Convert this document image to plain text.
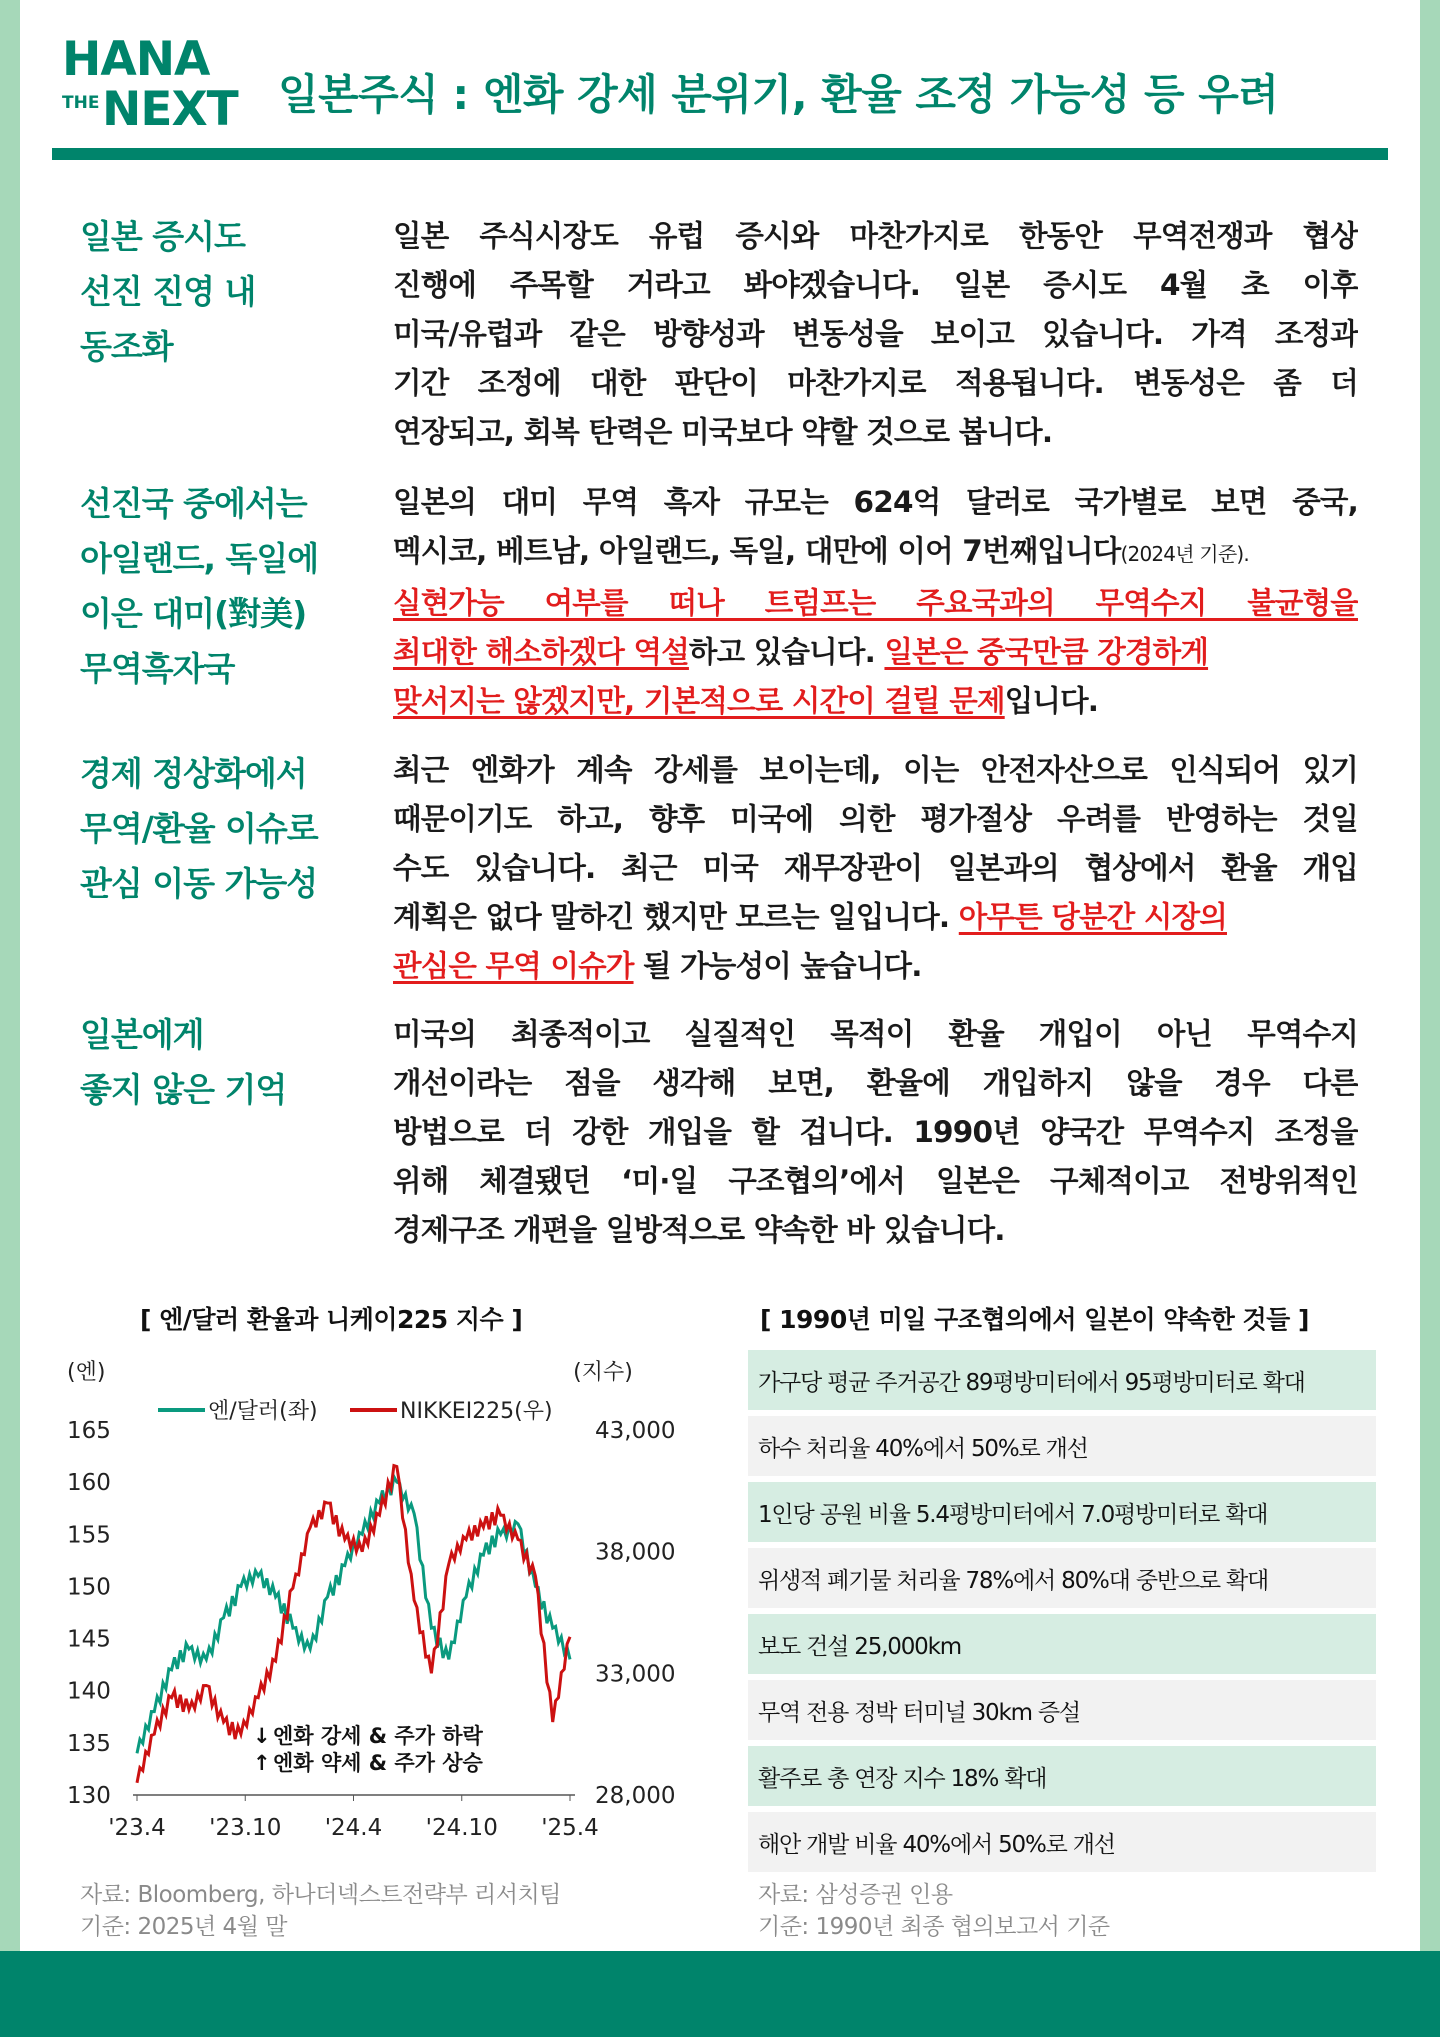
HANA
THE NEXT 일본주식 : 엔화 강세 분위기, 환율 조정 가능성 등 우려
일본 증시도
선진 진영 내
동조화
일본 주식시장도 유럽 증시와 마찬가지로 한동안 무역전쟁과 협상
진행에 주목할 거라고 봐야겠습니다. 일본 증시도 4월 초 이후
미국/유럽과 같은 방향성과 변동성을 보이고 있습니다. 가격 조정과
기간 조정에 대한 판단이 마찬가지로 적용됩니다. 변동성은 좀 더
연장되고, 회복 탄력은 미국보다 약할 것으로 봅니다.
선진국 중에서는
아일랜드, 독일에
이은 대미(對美)
무역흑자국
일본의 대미 무역 흑자 규모는 624억 달러로 국가별로 보면 중국,
멕시코, 베트남, 아일랜드, 독일, 대만에 이어 7번째입니다(2024년 기준).
실현가능 여부를 떠나 트럼프는 주요국과의 무역수지 불균형을
최대한 해소하겠다 역설하고 있습니다. 일본은 중국만큼 강경하게
맞서지는 않겠지만, 기본적으로 시간이 걸릴 문제입니다.
경제 정상화에서
무역/환율 이슈로
관심 이동 가능성
최근 엔화가 계속 강세를 보이는데, 이는 안전자산으로 인식되어 있기
때문이기도 하고, 향후 미국에 의한 평가절상 우려를 반영하는 것일
수도 있습니다. 최근 미국 재무장관이 일본과의 협상에서 환율 개입
계획은 없다 말하긴 했지만 모르는 일입니다. 아무튼 당분간 시장의
관심은 무역 이슈가 될 가능성이 높습니다.
일본에게
좋지 않은 기억
미국의 최종적이고 실질적인 목적이 환율 개입이 아닌 무역수지
개선이라는 점을 생각해 보면, 환율에 개입하지 않을 경우 다른
방법으로 더 강한 개입을 할 겁니다. 1990년 양국간 무역수지 조정을
위해 체결됐던 ‘미·일 구조협의’에서 일본은 구체적이고 전방위적인
경제구조 개편을 일방적으로 약속한 바 있습니다.
[ 엔/달러 환율과 니케이225 지수 ]	[ 1990년 미일 구조협의에서 일본이 약속한 것들 ]
(엔)	(지수)
엔/달러(좌)	NIKKEI225(우)
165
160
155
150
145
140
135
130
43,000
38,000
33,000
28,000
'23.4 '23.10 '24.4 '24.10 '25.4
↓ 엔화 강세 & 주가 하락
↑ 엔화 약세 & 주가 상승
가구당 평균 주거공간 89평방미터에서 95평방미터로 확대
하수 처리율 40%에서 50%로 개선
1인당 공원 비율 5.4평방미터에서 7.0평방미터로 확대
위생적 폐기물 처리율 78%에서 80%대 중반으로 확대
보도 건설 25,000km
무역 전용 정박 터미널 30km 증설
활주로 총 연장 지수 18% 확대
해안 개발 비율 40%에서 50%로 개선
자료: Bloomberg, 하나더넥스트전략부 리서치팀
기준: 2025년 4월 말
자료: 삼성증권 인용
기준: 1990년 최종 협의보고서 기준
